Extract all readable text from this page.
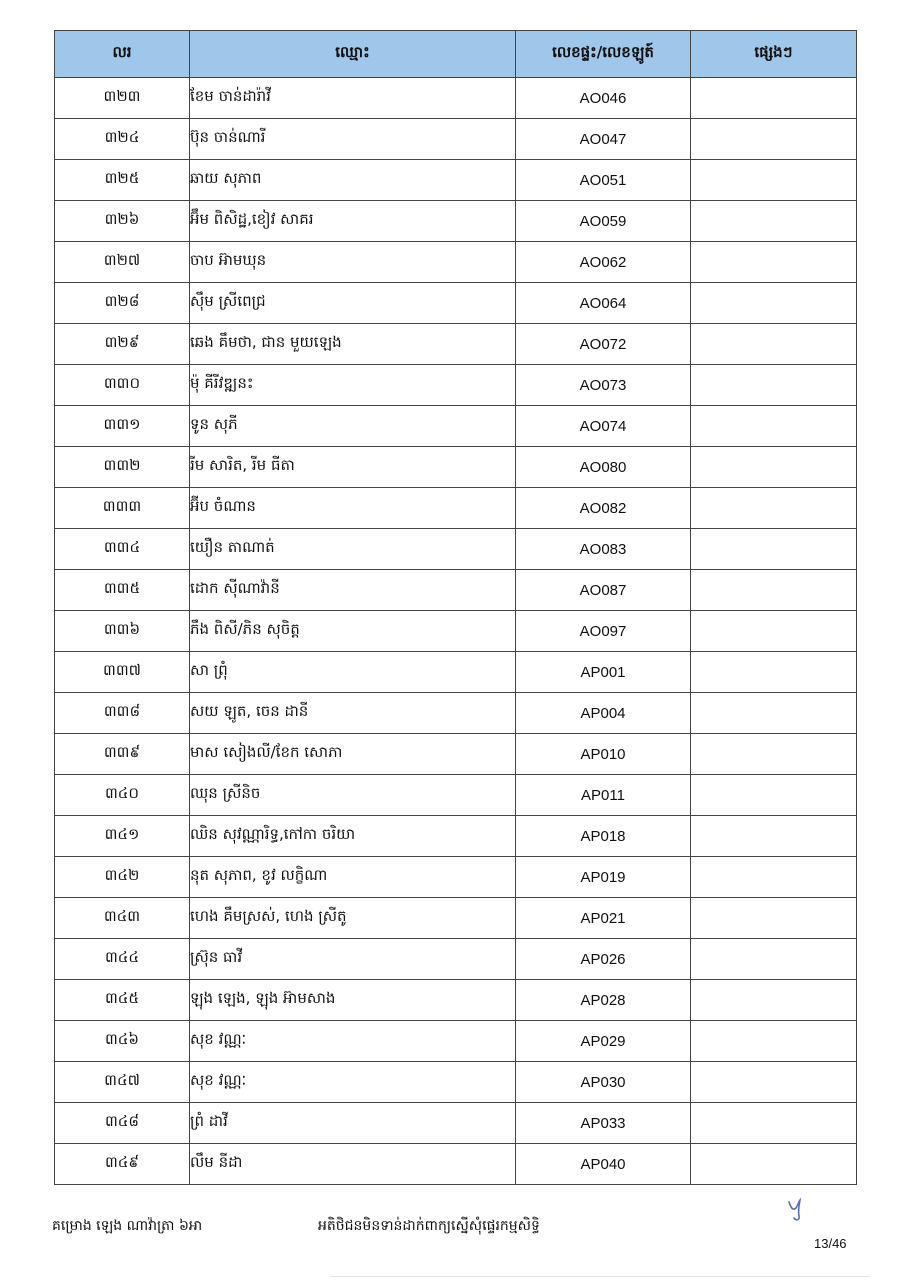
លរ	ឈ្មោះ	លេខផ្ទះ/លេខឡូត៍	ផ្សេងៗ
៣២៣	ខែម ចាន់ដារ៉ាវី	AO046	
៣២៤	ប៊ុន ចាន់ណារី	AO047	
៣២៥	ឆាយ សុភាព	AO051	
៣២៦	អ៊ឹម ពិសិដ្ឋ,ខៀវ សាគរ	AO059	
៣២៧	ចាប អ៊ាមឃុន	AO062	
៣២៨	ស៊ឹម ស្រីពេជ្រ	AO064	
៣២៩	ឆេង គឹមថា, ជាន មួយឡេង	AO072	
៣៣០	ម៉ុ គីរីវឌ្ឍនះ	AO073	
៣៣១	ទូន សុភី	AO074	
៣៣២	រីម សារិត, រីម ធីតា	AO080	
៣៣៣	អ៊ីប ចំណាន	AO082	
៣៣៤	យឿន តាណាត់	AO083	
៣៣៥	ដោក ស៊ីណាវ៉ានី	AO087	
៣៣៦	ភឹង ពិសី/ភិន សុចិត្ត	AO097	
៣៣៧	សា ព្រុំ	AP001	
៣៣៨	សយ ឡូត, ចេន ដានី	AP004	
៣៣៩	មាស សៀងលី/ខែក សោភា	AP010	
៣៤០	ឈុន ស្រីនិច	AP011	
៣៤១	ឈិន សុវណ្ណារិទ្ធ,កៅកា ចរិយា	AP018	
៣៤២	នុត សុភាព, ខូវ លក្ខិណា	AP019	
៣៤៣	ហេង គឹមស្រស់, ហេង ស្រីតូ	AP021	
៣៤៤	ស្រ៊ុន ធាវី	AP026	
៣៤៥	ឡុង ឡេង, ឡុង អ៊ាមសាង	AP028	
៣៤៦	សុខ វណ្ណៈ	AP029	
៣៤៧	សុខ វណ្ណៈ	AP030	
៣៤៨	ព្រំ ដាវី	AP033	
៣៤៩	លឹម នីដា	AP040	
គម្រោង ឡេង ណាវ៉ាត្រា ៦អា	អតិថិជនមិនទាន់ដាក់ពាក្យស្នើសុំផ្ទេរកម្មសិទ្ធិ
13/46
